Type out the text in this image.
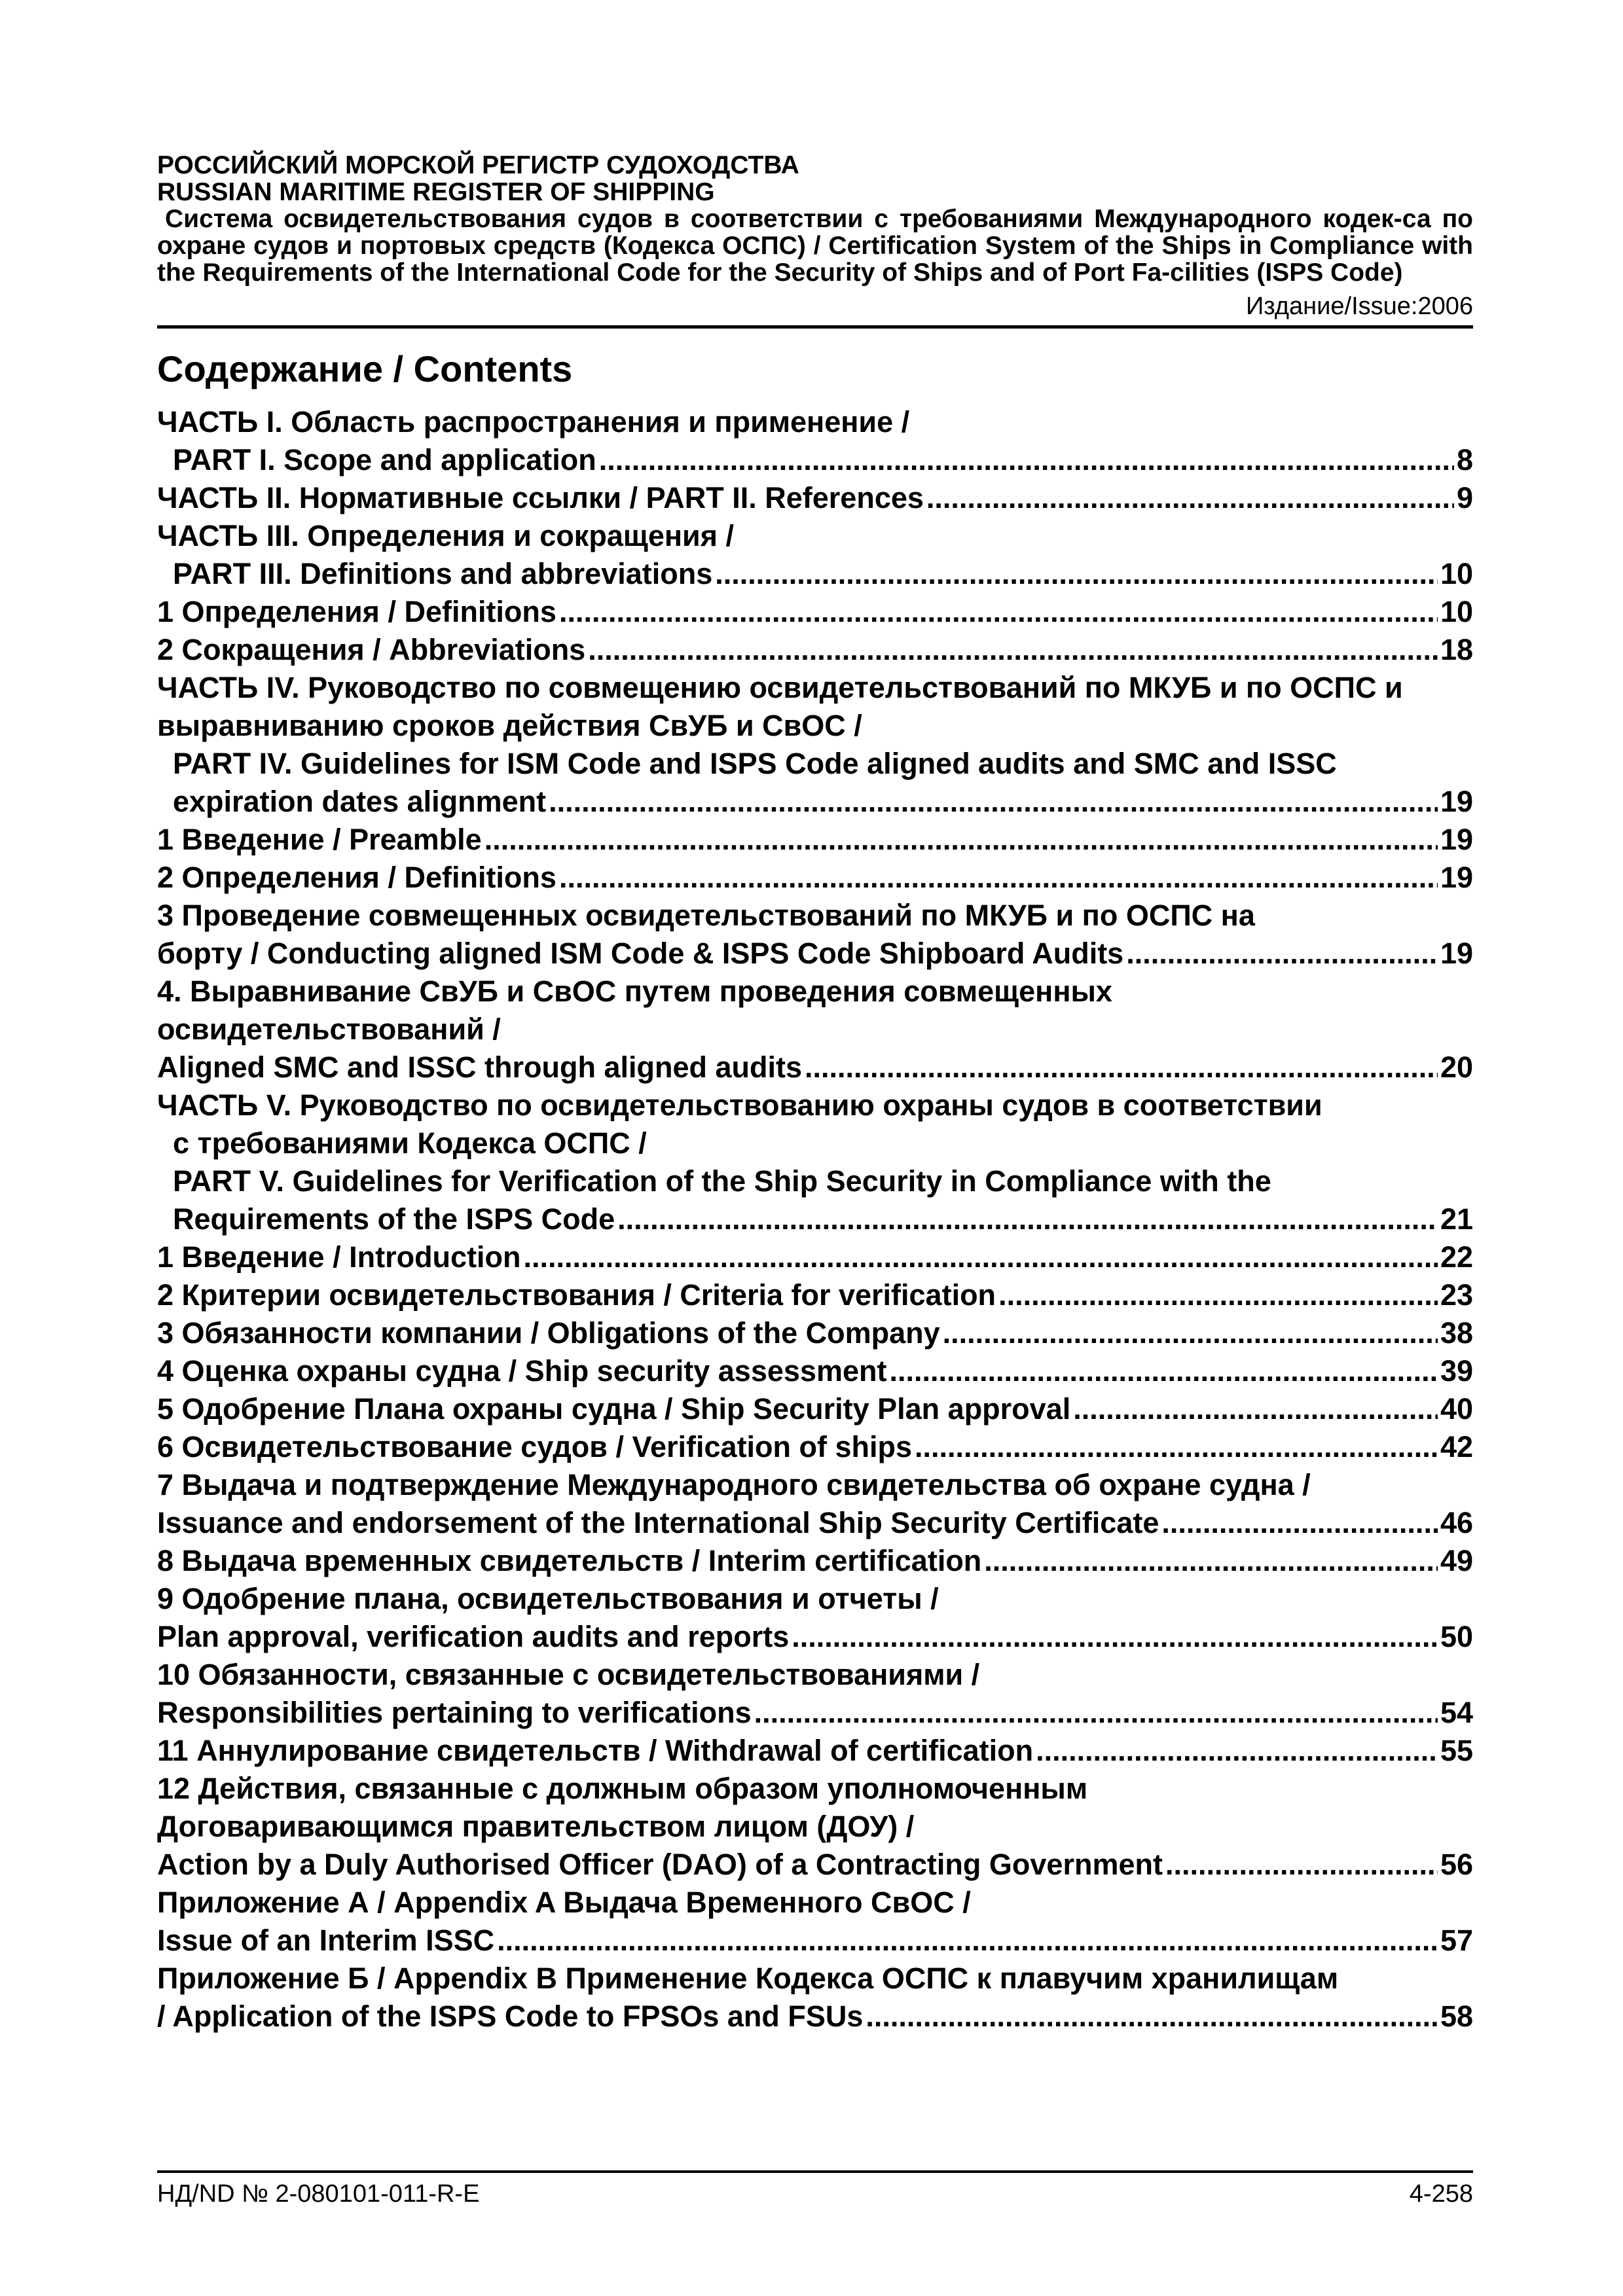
РОССИЙСКИЙ МОРСКОЙ РЕГИСТР СУДОХОДСТВА
RUSSIAN MARITIME REGISTER OF SHIPPING
Система освидетельствования судов в соответствии с требованиями Международного кодек-са по охране судов и портовых средств (Кодекса ОСПС) / Certification System of the Ships in Compliance with the Requirements of the International Code for the Security of Ships and of Port Fa-cilities (ISPS Code)
Издание/Issue:2006
Содержание / Contents
ЧАСТЬ I. Область распространения и применение /
PART I. Scope and application .....	8
ЧАСТЬ II. Нормативные ссылки / PART II. References .....	9
ЧАСТЬ III. Определения и сокращения /
PART III. Definitions and abbreviations .....	10
1 Определения / Definitions .....	10
2 Сокращения / Abbreviations .....	18
ЧАСТЬ IV. Руководство по совмещению освидетельствований по МКУБ и по ОСПС и выравниванию сроков действия СвУБ и СвОС /
PART IV. Guidelines for ISM Code and ISPS Code aligned audits and SMC and ISSC
expiration dates alignment .....	19
1 Введение / Preamble .....	19
2 Определения / Definitions .....	19
3 Проведение совмещенных освидетельствований по МКУБ и по ОСПС на
борту / Conducting aligned ISM Code & ISPS Code Shipboard Audits .....	19
4. Выравнивание СвУБ и СвОС путем проведения совмещенных
освидетельствований /
Aligned SMC and ISSC through aligned audits .....	20
ЧАСТЬ V. Руководство по освидетельствованию охраны судов в соответствии
с требованиями Кодекса ОСПС /
PART V. Guidelines for Verification of the Ship Security in Compliance with the
Requirements of the ISPS Code .....	21
1 Введение / Introduction .....	22
2 Критерии освидетельствования / Criteria for verification .....	23
3 Обязанности компании / Obligations of the Company .....	38
4 Оценка охраны судна / Ship security assessment .....	39
5 Одобрение Плана охраны судна / Ship Security Plan approval .....	40
6 Освидетельствование судов / Verification of ships .....	42
7 Выдача и подтверждение Международного свидетельства об охране судна /
Issuance and endorsement of the International Ship Security Certificate .....	46
8 Выдача временных свидетельств / Interim certification .....	49
9 Одобрение плана, освидетельствования и отчеты /
Plan approval, verification audits and reports .....	50
10 Обязанности, связанные с освидетельствованиями /
Responsibilities pertaining to verifications .....	54
11 Аннулирование свидетельств / Withdrawal of certification .....	55
12 Действия, связанные с должным образом уполномоченным
Договаривающимся правительством лицом (ДОУ) /
Action by a Duly Authorised Officer (DAO) of a Contracting Government .....	56
Приложение А / Appendix A Выдача Временного СвОС /
Issue of an Interim ISSC .....	57
Приложение Б / Appendix B Применение Кодекса ОСПС к плавучим хранилищам
/ Application of the ISPS Code to FPSOs and FSUs .....	58
НД/ND № 2-080101-011-R-E	4-258
